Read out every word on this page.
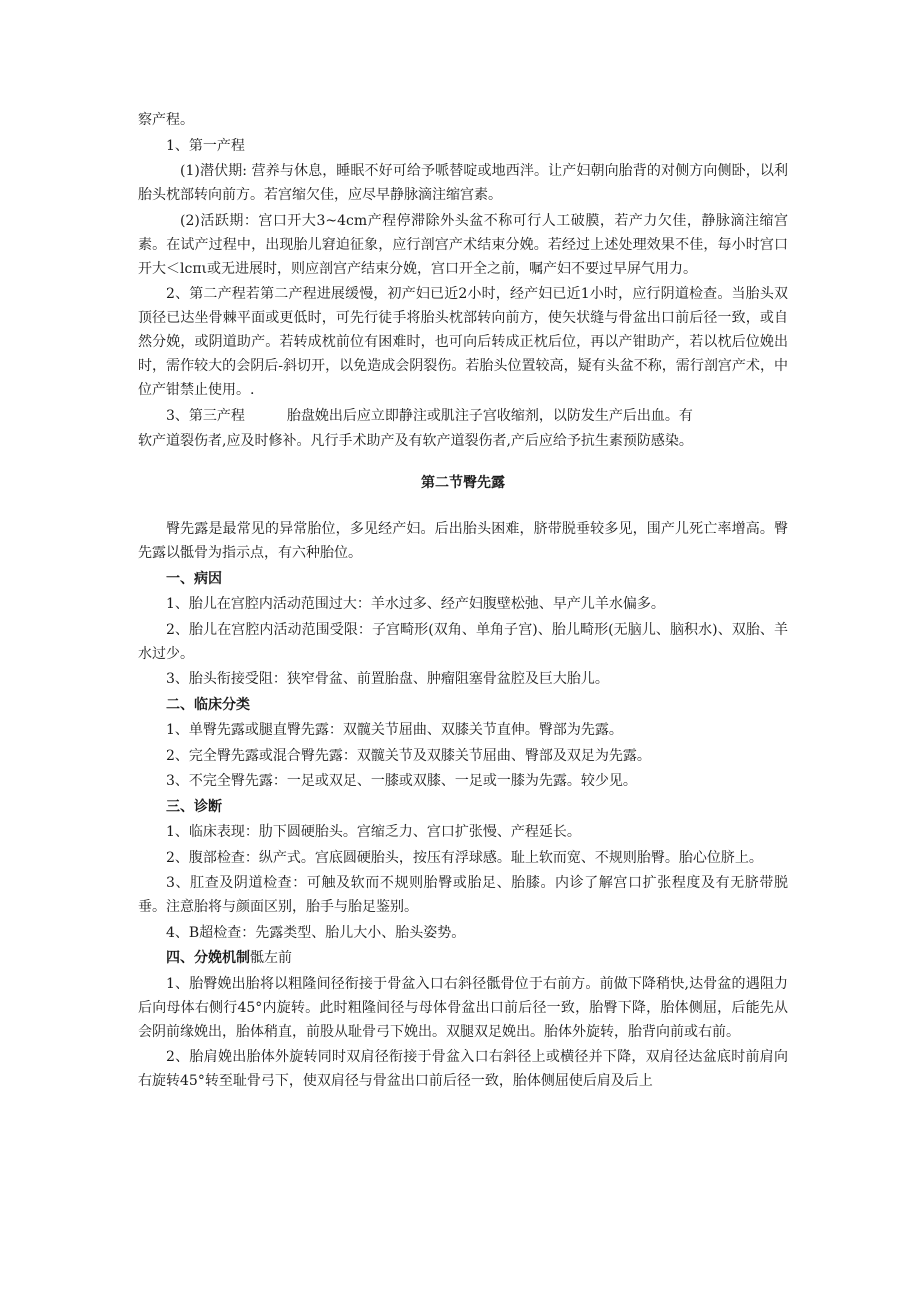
察产程。

1、第一产程

(1)潜伏期: 营养与休息，睡眠不好可给予哌替啶或地西泮。让产妇朝向胎背的对侧方向侧卧，以利胎头枕部转向前方。若宫缩欠佳，应尽早静脉滴注缩宫素。

(2)活跃期：宫口开大3~4cm产程停滞除外头盆不称可行人工破膜，若产力欠佳，静脉滴注缩宫素。在试产过程中，出现胎儿窘迫征象，应行剖宫产术结束分娩。若经过上述处理效果不佳，每小时宫口开大＜lcπι或无进展时，则应剖宫产结束分娩，宫口开全之前，嘱产妇不要过早屏气用力。

2、第二产程若第二产程进展缓慢，初产妇已近2小时，经产妇已近1小时，应行阴道检查。当胎头双顶径已达坐骨棘平面或更低时，可先行徒手将胎头枕部转向前方，使矢状缝与骨盆出口前后径一致，或自然分娩，或阴道助产。若转成枕前位有困难时，也可向后转成正枕后位，再以产钳助产，若以枕后位娩出时，需作较大的会阴后-斜切开，以免造成会阴裂伤。若胎头位置较高，疑有头盆不称，需行剖宫产术，中位产钳禁止使用。.

3、第三产程	胎盘娩出后应立即静注或肌注子宫收缩剂，以防发生产后出血。有

软产道裂伤者,应及时修补。凡行手术助产及有软产道裂伤者,产后应给予抗生素预防感染。

第二节臀先露

臀先露是最常见的异常胎位，多见经产妇。后出胎头困难，脐带脱垂较多见，围产儿死亡率增高。臀先露以骶骨为指示点，有六种胎位。

一、病因

1、胎儿在宫腔内活动范围过大：羊水过多、经产妇腹壁松弛、早产儿羊水偏多。

2、胎儿在宫腔内活动范围受限：子宫畸形(双角、单角子宫)、胎儿畸形(无脑儿、脑积水)、双胎、羊水过少。

3、胎头衔接受阻：狭窄骨盆、前置胎盘、肿瘤阻塞骨盆腔及巨大胎儿。

二、临床分类

1、单臀先露或腿直臀先露：双髋关节屈曲、双膝关节直伸。臀部为先露。

2、完全臀先露或混合臀先露：双髋关节及双膝关节屈曲、臀部及双足为先露。

3、不完全臀先露：一足或双足、一膝或双膝、一足或一膝为先露。较少见。

三、诊断

1、临床表现：肋下圆硬胎头。宫缩乏力、宫口扩张慢、产程延长。

2、腹部检查：纵产式。宫底圆硬胎头，按压有浮球感。耻上软而宽、不规则胎臀。胎心位脐上。

3、肛查及阴道检查：可触及软而不规则胎臀或胎足、胎膝。内诊了解宫口扩张程度及有无脐带脱垂。注意胎将与颜面区别，胎手与胎足鉴别。

4、B超检查：先露类型、胎儿大小、胎头姿势。

四、分娩机制骶左前

1、胎臀娩出胎将以粗隆间径衔接于骨盆入口右斜径骶骨位于右前方。前做下降稍快,达骨盆的遇阻力后向母体右侧行45°内旋转。此时粗隆间径与母体骨盆出口前后径一致，胎臀下降，胎体侧屈，后能先从会阴前缘娩出，胎体稍直，前股从耻骨弓下娩出。双腿双足娩出。胎体外旋转，胎背向前或右前。

2、胎肩娩出胎体外旋转同时双肩径衔接于骨盆入口右斜径上或横径并下降，双肩径达盆底时前肩向右旋转45°转至耻骨弓下，使双肩径与骨盆出口前后径一致，胎体侧屈使后肩及后上
